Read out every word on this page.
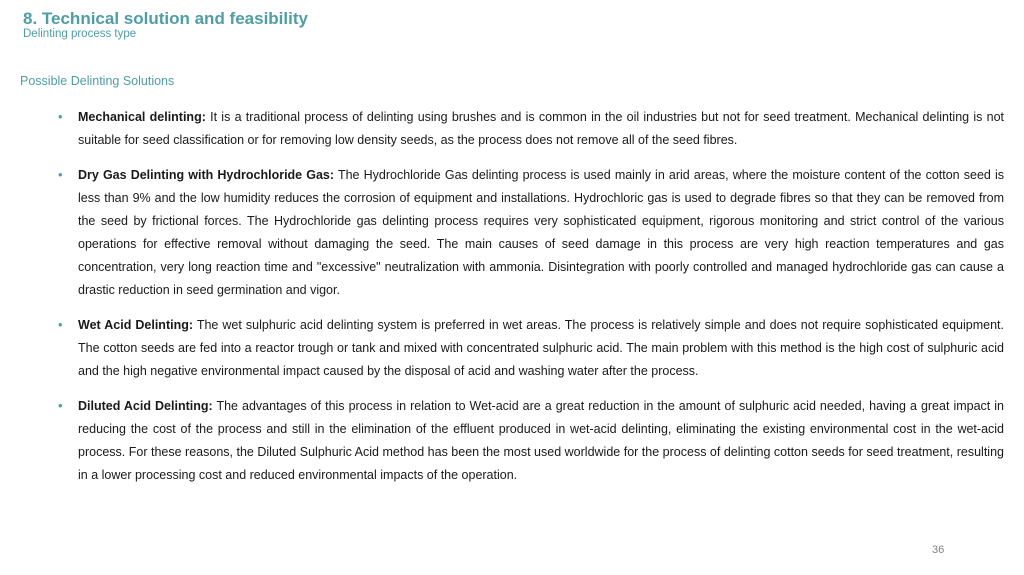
8. Technical solution and feasibility
Delinting process type
Possible Delinting Solutions
• Mechanical delinting: It is a traditional process of delinting using brushes and is common in the oil industries but not for seed treatment. Mechanical delinting is not suitable for seed classification or for removing low density seeds, as the process does not remove all of the seed fibres.
• Dry Gas Delinting with Hydrochloride Gas: The Hydrochloride Gas delinting process is used mainly in arid areas, where the moisture content of the cotton seed is less than 9% and the low humidity reduces the corrosion of equipment and installations. Hydrochloric gas is used to degrade fibres so that they can be removed from the seed by frictional forces. The Hydrochloride gas delinting process requires very sophisticated equipment, rigorous monitoring and strict control of the various operations for effective removal without damaging the seed. The main causes of seed damage in this process are very high reaction temperatures and gas concentration, very long reaction time and "excessive" neutralization with ammonia. Disintegration with poorly controlled and managed hydrochloride gas can cause a drastic reduction in seed germination and vigor.
• Wet Acid Delinting: The wet sulphuric acid delinting system is preferred in wet areas. The process is relatively simple and does not require sophisticated equipment. The cotton seeds are fed into a reactor trough or tank and mixed with concentrated sulphuric acid. The main problem with this method is the high cost of sulphuric acid and the high negative environmental impact caused by the disposal of acid and washing water after the process.
• Diluted Acid Delinting: The advantages of this process in relation to Wet-acid are a great reduction in the amount of sulphuric acid needed, having a great impact in reducing the cost of the process and still in the elimination of the effluent produced in wet-acid delinting, eliminating the existing environmental cost in the wet-acid process. For these reasons, the Diluted Sulphuric Acid method has been the most used worldwide for the process of delinting cotton seeds for seed treatment, resulting in a lower processing cost and reduced environmental impacts of the operation.
36
